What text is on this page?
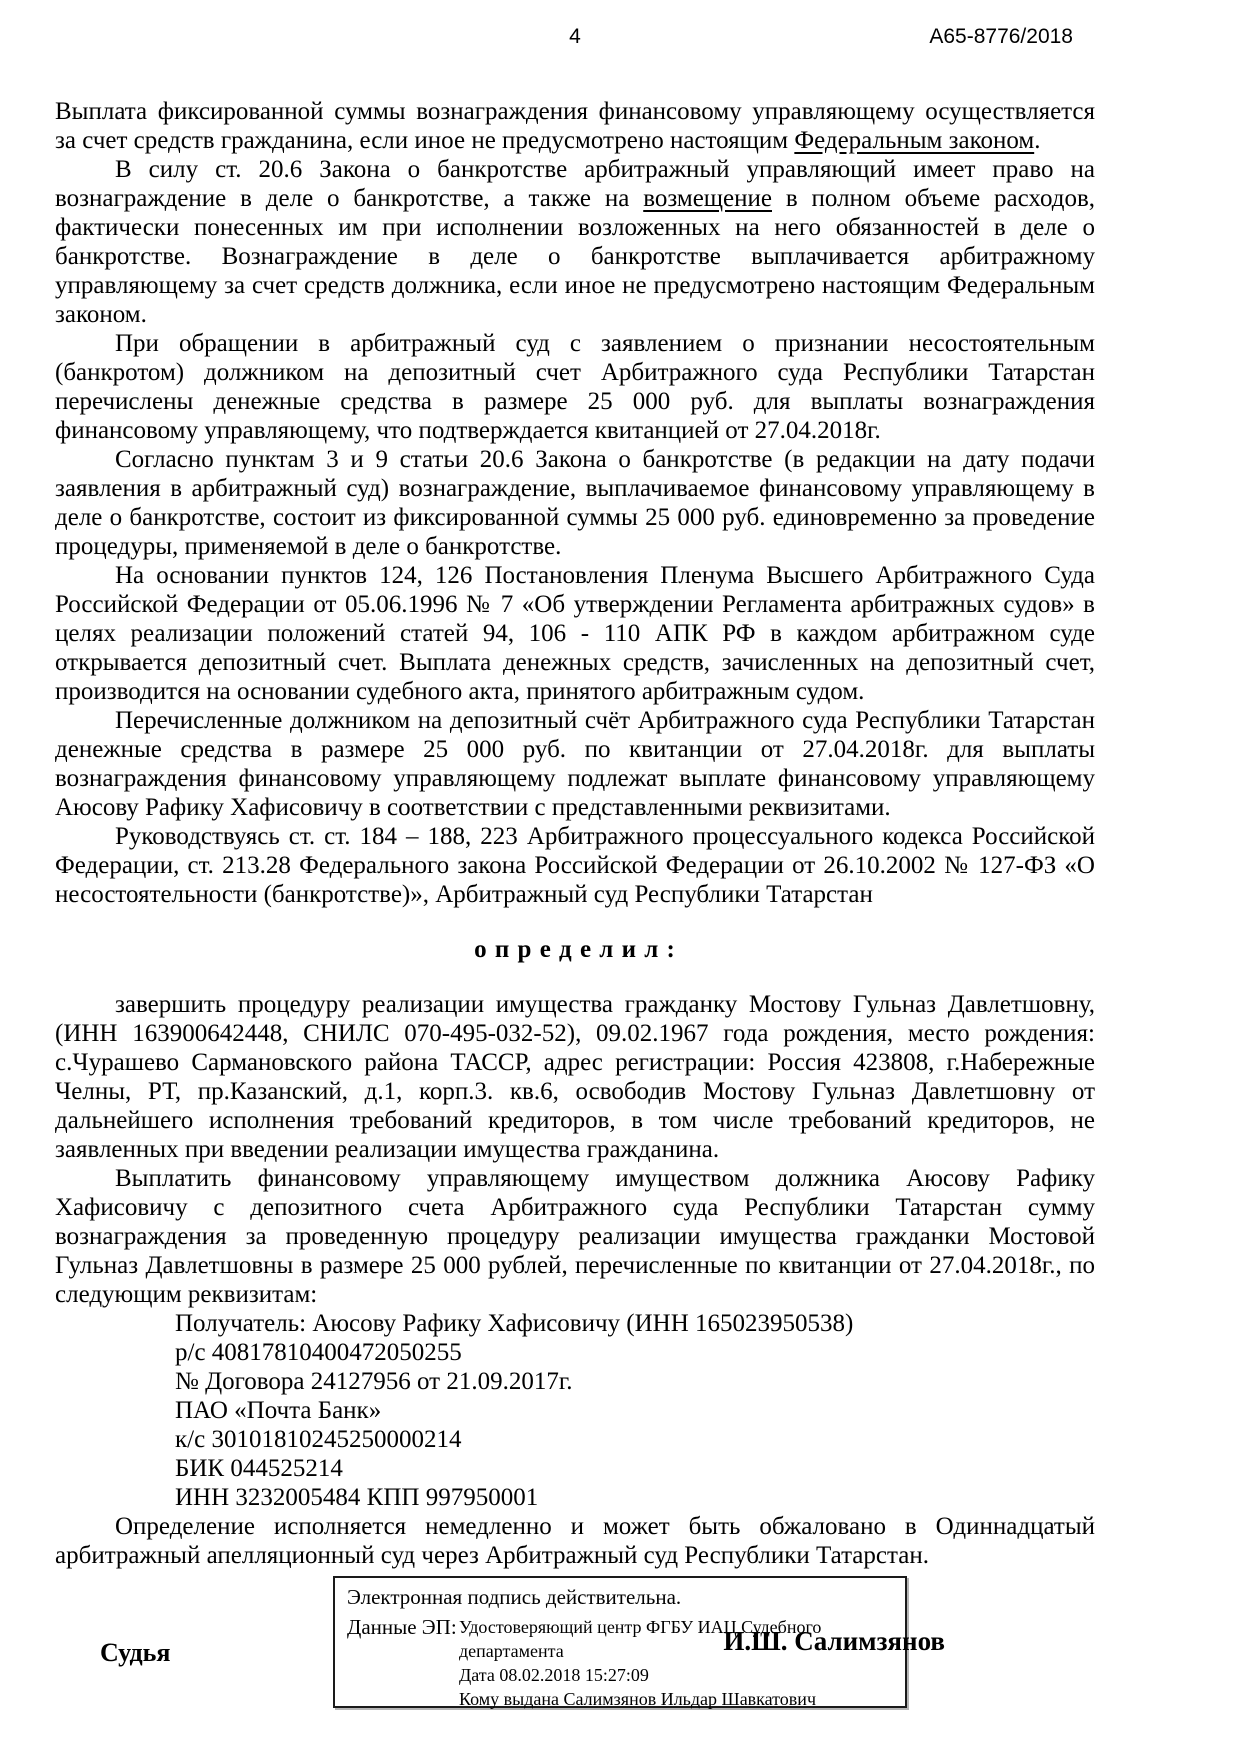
4	А65-8776/2018

Выплата фиксированной суммы вознаграждения финансовому управляющему осуществляется за счет средств гражданина, если иное не предусмотрено настоящим Федеральным законом.

В силу ст. 20.6 Закона о банкротстве арбитражный управляющий имеет право на вознаграждение в деле о банкротстве, а также на возмещение в полном объеме расходов, фактически понесенных им при исполнении возложенных на него обязанностей в деле о банкротстве. Вознаграждение в деле о банкротстве выплачивается арбитражному управляющему за счет средств должника, если иное не предусмотрено настоящим Федеральным законом.

При обращении в арбитражный суд с заявлением о признании несостоятельным (банкротом) должником на депозитный счет Арбитражного суда Республики Татарстан перечислены денежные средства в размере 25 000 руб. для выплаты вознаграждения финансовому управляющему, что подтверждается квитанцией от 27.04.2018г.

Согласно пунктам 3 и 9 статьи 20.6 Закона о банкротстве (в редакции на дату подачи заявления в арбитражный суд) вознаграждение, выплачиваемое финансовому управляющему в деле о банкротстве, состоит из фиксированной суммы 25 000 руб. единовременно за проведение процедуры, применяемой в деле о банкротстве.

На основании пунктов 124, 126 Постановления Пленума Высшего Арбитражного Суда Российской Федерации от 05.06.1996 № 7 «Об утверждении Регламента арбитражных судов» в целях реализации положений статей 94, 106 - 110 АПК РФ в каждом арбитражном суде открывается депозитный счет. Выплата денежных средств, зачисленных на депозитный счет, производится на основании судебного акта, принятого арбитражным судом.

Перечисленные должником на депозитный счёт Арбитражного суда Республики Татарстан денежные средства в размере 25 000 руб. по квитанции от 27.04.2018г. для выплаты вознаграждения финансовому управляющему подлежат выплате финансовому управляющему Аюсову Рафику Хафисовичу в соответствии с представленными реквизитами.

Руководствуясь ст. ст. 184 – 188, 223 Арбитражного процессуального кодекса Российской Федерации, ст. 213.28 Федерального закона Российской Федерации от 26.10.2002 № 127-ФЗ «О несостоятельности (банкротстве)», Арбитражный суд Республики Татарстан

о п р е д е л и л :

завершить процедуру реализации имущества гражданку Мостову Гульназ Давлетшовну, (ИНН 163900642448, СНИЛС 070-495-032-52), 09.02.1967 года рождения, место рождения: с.Чурашево Сармановского района ТАССР, адрес регистрации: Россия 423808, г.Набережные Челны, РТ, пр.Казанский, д.1, корп.3. кв.6, освободив Мостову Гульназ Давлетшовну от дальнейшего исполнения требований кредиторов, в том числе требований кредиторов, не заявленных при введении реализации имущества гражданина.

Выплатить финансовому управляющему имуществом должника Аюсову Рафику Хафисовичу с депозитного счета Арбитражного суда Республики Татарстан сумму вознаграждения за проведенную процедуру реализации имущества гражданки Мостовой Гульназ Давлетшовны в размере 25 000 рублей, перечисленные по квитанции от 27.04.2018г., по следующим реквизитам:

Получатель: Аюсову Рафику Хафисовичу (ИНН 165023950538)
р/с 40817810400472050255
№ Договора 24127956 от 21.09.2017г.
ПАО «Почта Банк»
к/с 30101810245250000214
БИК 044525214
ИНН 3232005484 КПП 997950001

Определение исполняется немедленно и может быть обжаловано в Одиннадцатый арбитражный апелляционный суд через Арбитражный суд Республики Татарстан.

Судья
Электронная подпись действительна.
Данные ЭП: Удостоверяющий центр ФГБУ ИАЦ Судебного департамента
Дата 08.02.2018 15:27:09
Кому выдана Салимзянов Ильдар Шавкатович
И.Ш. Салимзянов
